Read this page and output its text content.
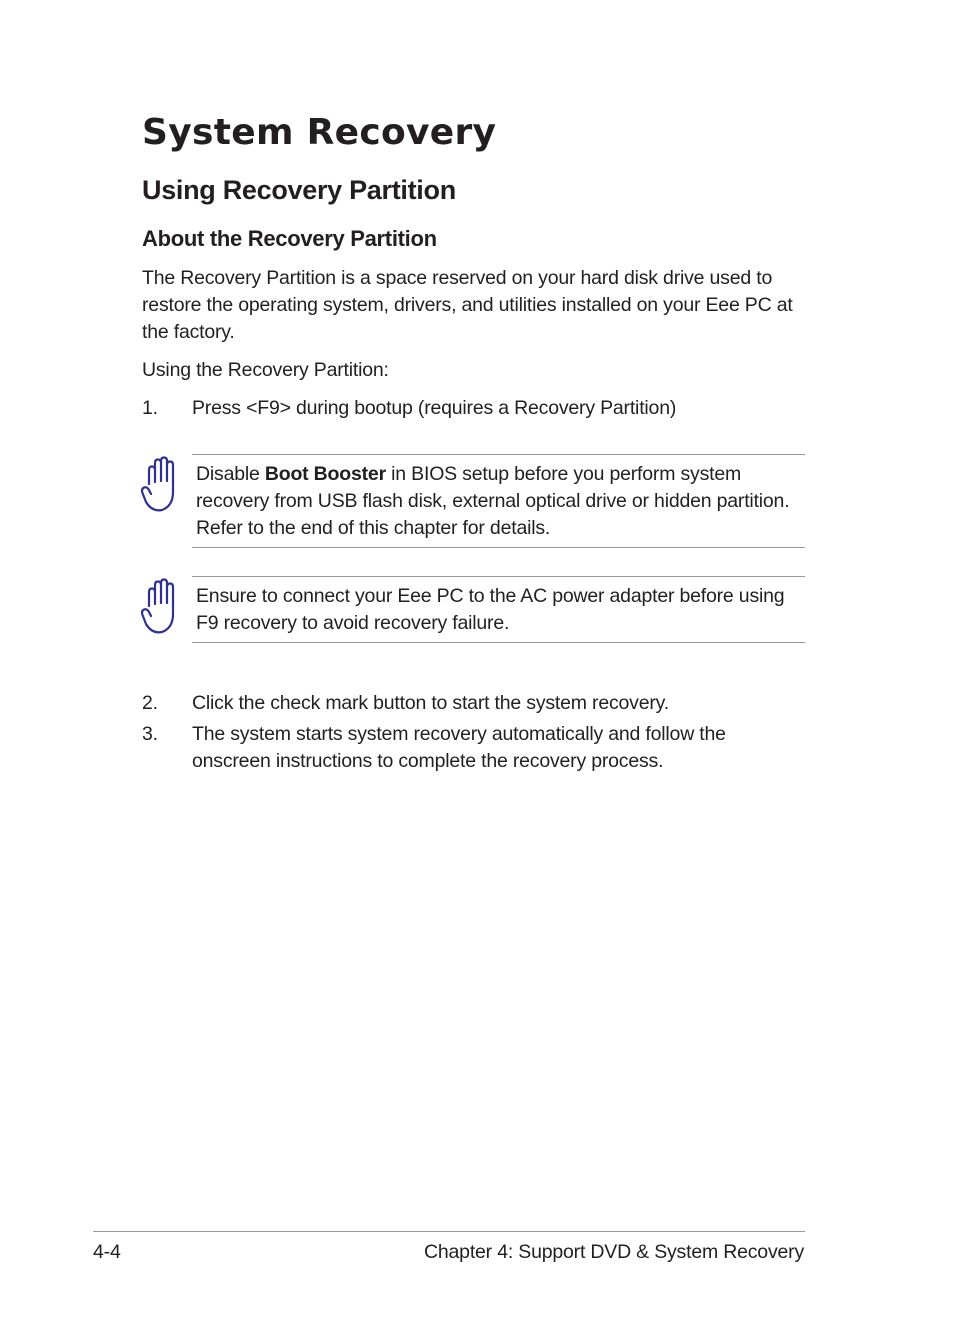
System Recovery
Using Recovery Partition
About the Recovery Partition

The Recovery Partition is a space reserved on your hard disk drive used to restore the operating system, drivers, and utilities installed on your Eee PC at the factory.

Using the Recovery Partition:

1. Press <F9> during bootup (requires a Recovery Partition)

Disable Boot Booster in BIOS setup before you perform system recovery from USB flash disk, external optical drive or hidden partition. Refer to the end of this chapter for details.

Ensure to connect your Eee PC to the AC power adapter before using F9 recovery to avoid recovery failure.

2. Click the check mark button to start the system recovery.
3. The system starts system recovery automatically and follow the onscreen instructions to complete the recovery process.
4-4	Chapter 4: Support DVD & System Recovery
